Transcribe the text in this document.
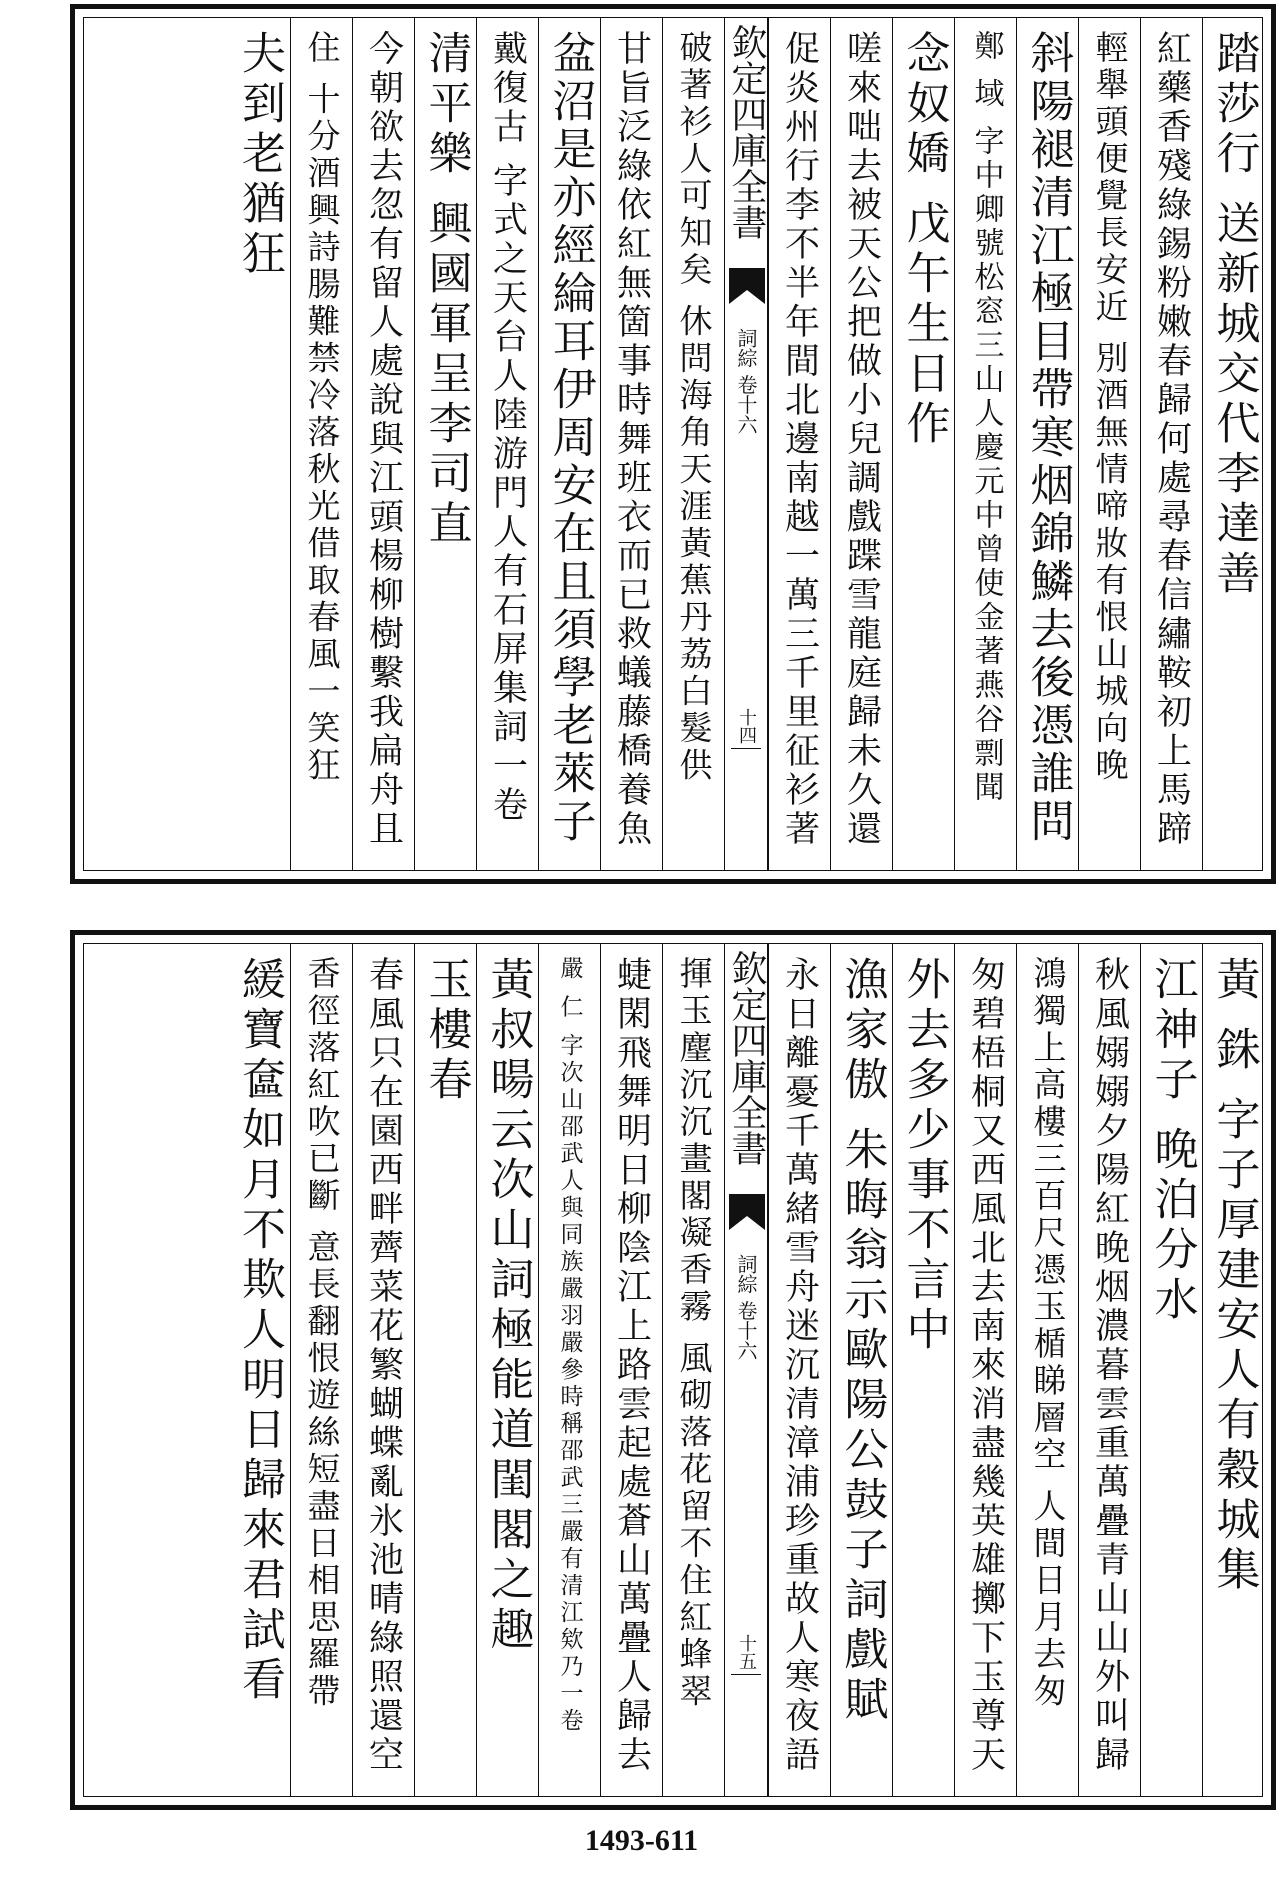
踏莎行 送新城交代李達善
紅藥香殘綠錫粉嫩春歸何處尋春信繡鞍初上馬蹄
輕舉頭便覺長安近 別酒無情啼妝有恨山城向晚
斜陽褪清江極目帶寒烟錦鱗去後憑誰問
鄭 域 字中卿號松窓三山人慶元中曾使金著燕谷剽聞
念奴嬌 戊午生日作
嗟來咄去被天公把做小兒調戲蹀雪龍庭歸未久還
促炎州行李不半年間北邊南越一萬三千里征衫著
欽定四庫全書
詞綜 卷十六
十四
破著衫人可知矣 休問海角天涯黃蕉丹荔白髮供
甘旨泛綠依紅無箇事時舞班衣而已救蟻藤橋養魚
盆沼是亦經綸耳伊周安在且須學老萊子
戴復古 字式之天台人陸游門人有石屏集詞一卷
清平樂 興國軍呈李司直
今朝欲去忽有留人處說與江頭楊柳樹繫我扁舟且
住 十分酒興詩腸難禁冷落秋光借取春風一笑狂
夫到老猶狂
黃 銖 字子厚建安人有穀城集
江神子 晚泊分水
秋風嫋嫋夕陽紅晚烟濃暮雲重萬疊青山山外叫歸
鴻獨上高樓三百尺憑玉楯睇層空 人間日月去匆
匆碧梧桐又西風北去南來消盡幾英雄擲下玉尊天
外去多少事不言中
漁家傲 朱晦翁示歐陽公鼓子詞戲賦
永日離憂千萬緒雪舟迷沉清漳浦珍重故人寒夜語
欽定四庫全書
詞綜 卷十六
十五
揮玉麈沉沉畫閣凝香霧 風砌落花留不住紅蜂翠
蜨閑飛舞明日柳陰江上路雲起處蒼山萬疊人歸去
嚴 仁 字次山邵武人與同族嚴羽嚴參時稱邵武三嚴有清江欸乃一卷
黃叔暘云次山詞極能道閨閣之趣
玉樓春
春風只在園西畔薺菜花繁蝴蝶亂氷池晴綠照還空
香徑落紅吹已斷 意長翻恨遊絲短盡日相思羅帶
緩寶奩如月不欺人明日歸來君試看
1493-611
